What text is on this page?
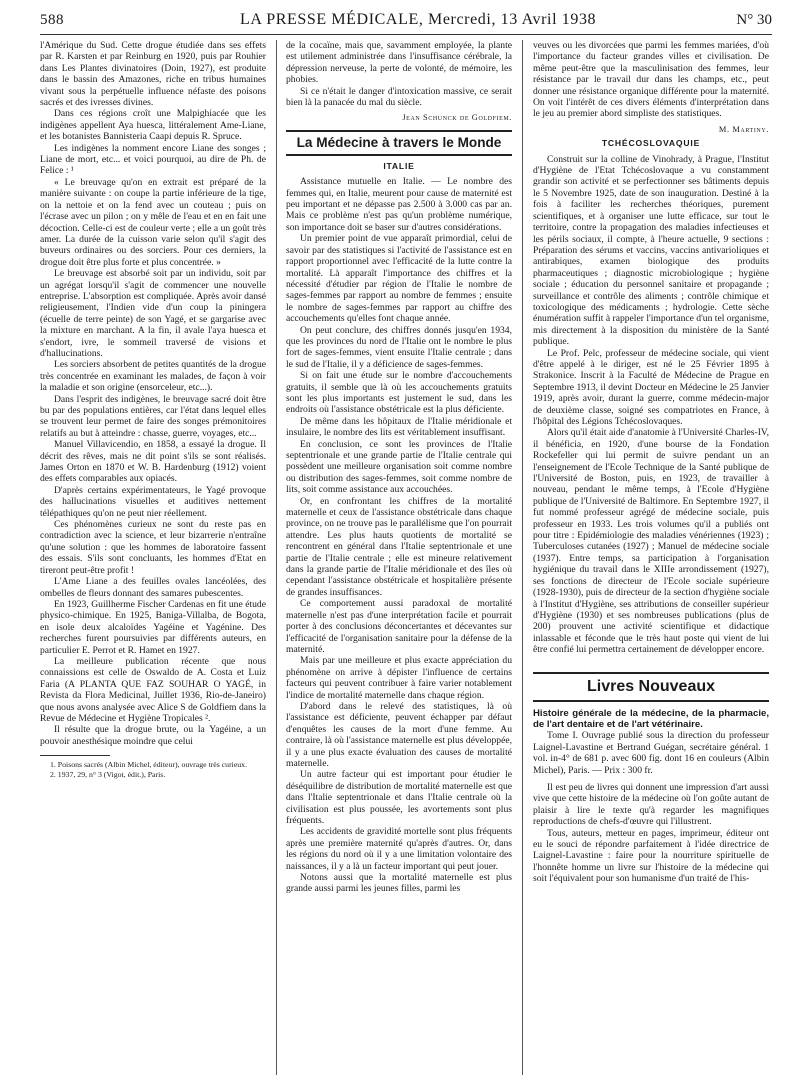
588	LA PRESSE MÉDICALE, Mercredi, 13 Avril 1938	N° 30

l'Amérique du Sud. Cette drogue étudiée dans ses effets par R. Karsten et par Reinburg en 1920, puis par Rouhier dans Les Plantes divinatoires (Doin, 1927), est produite dans le bassin des Amazones, riche en tribus humaines vivant sous la perpétuelle influence néfaste des poisons sacrés et des ivresses divines.

Dans ces régions croît une Malpighiacée que les indigènes appellent Aya huesca, littéralement Ame-Liane, et les botanistes Bannisteria Caapi depuis R. Spruce.

Les indigènes la nomment encore Liane des songes ; Liane de mort, etc... et voici pourquoi, au dire de Ph. de Felice : ¹

« Le breuvage qu'on en extrait est préparé de la manière suivante : on coupe la partie inférieure de la tige, on la nettoie et on la fend avec un couteau ; puis on l'écrase avec un pilon ; on y mêle de l'eau et en en fait une décoction. Celle-ci est de couleur verte ; elle a un goût très amer. La durée de la cuisson varie selon qu'il s'agit des buveurs ordinaires ou des sorciers. Pour ces derniers, la drogue doit être plus forte et plus concentrée. »

Le breuvage est absorbé soit par un individu, soit par un agrégat lorsqu'il s'agit de commencer une nouvelle entreprise. L'absorption est compliquée. Après avoir dansé religieusement, l'Indien vide d'un coup la piningera (écuelle de terre peinte) de son Yagé, et se gargarise avec la mixture en marchant. A la fin, il avale l'aya huesca et s'endort, ivre, le sommeil traversé de visions et d'hallucinations.

Les sorciers absorbent de petites quantités de la drogue très concentrée en examinant les malades, de façon à voir la maladie et son origine (ensorceleur, etc...).

Dans l'esprit des indigènes, le breuvage sacré doit être bu par des populations entières, car l'état dans lequel elles se trouvent leur permet de faire des songes prémonitoires relatifs au but à atteindre : chasse, guerre, voyages, etc...

Manuel Villavicendio, en 1858, a essayé la drogue. Il décrit des rêves, mais ne dit point s'ils se sont réalisés. James Orton en 1870 et W. B. Hardenburg (1912) voient des effets comparables aux opiacés.

D'après certains expérimentateurs, le Yagé provoque des hallucinations visuelles et auditives nettement télépathiques qu'on ne peut nier réellement.

Ces phénomènes curieux ne sont du reste pas en contradiction avec la science, et leur bizarrerie n'entraîne qu'une solution : que les hommes de laboratoire fassent des essais. S'ils sont concluants, les hommes d'Etat en tireront peut-être profit !

L'Ame Liane a des feuilles ovales lancéolées, des ombelles de fleurs donnant des samares pubescentes.

En 1923, Guillherme Fischer Cardenas en fit une étude physico-chimique. En 1925, Baniga-Villalba, de Bogota, en isole deux alcaloïdes Yagéine et Yagénine. Des recherches furent poursuivies par différents auteurs, en particulier E. Perrot et R. Hamet en 1927.

La meilleure publication récente que nous connaissions est celle de Oswaldo de A. Costa et Luiz Faria (A PLANTA QUE FAZ SOUHAR O YAGÉ, in Revista da Flora Medicinal, Juillet 1936, Rio-de-Janeiro) que nous avons analysée avec Alice S de Goldfiem dans la Revue de Médecine et Hygiène Tropicales ².

Il résulte que la drogue brute, ou la Yagéine, a un pouvoir anesthésique moindre que celui

1. Poisons sacrés (Albin Michel, éditeur), ouvrage très curieux.

2. 1937, 29, n° 3 (Vigot, édit.), Paris.

de la cocaïne, mais que, savamment employée, la plante est utilement administrée dans l'insuffisance cérébrale, la dépression nerveuse, la perte de volonté, de mémoire, les phobies.

Si ce n'était le danger d'intoxication massive, ce serait bien là la panacée du mal du siècle.

Jean Schunck de Goldfiem.
La Médecine à travers le Monde
ITALIE

Assistance mutuelle en Italie. — Le nombre des femmes qui, en Italie, meurent pour cause de maternité est peu important et ne dépasse pas 2.500 à 3.000 cas par an. Mais ce problème n'est pas qu'un problème numérique, son importance doit se baser sur d'autres considérations.

Un premier point de vue apparaît primordial, celui de savoir par des statistiques si l'activité de l'assistance est en rapport proportionnel avec l'efficacité de la lutte contre la mortalité. Là apparaît l'importance des chiffres et la nécessité d'étudier par région de l'Italie le nombre de sages-femmes par rapport au nombre de femmes ; ensuite le nombre de sages-femmes par rapport au chiffre des accouchements qu'elles font chaque année.

On peut conclure, des chiffres donnés jusqu'en 1934, que les provinces du nord de l'Italie ont le nombre le plus fort de sages-femmes, vient ensuite l'Italie centrale ; dans le sud de l'Italie, il y a déficience de sages-femmes.

Si on fait une étude sur le nombre d'accouchements gratuits, il semble que là où les accouchements gratuits sont les plus importants est justement le sud, dans les endroits où l'assistance obstétricale est la plus déficiente.

De même dans les hôpitaux de l'Italie méridionale et insulaire, le nombre des lits est véritablement insuffisant.

En conclusion, ce sont les provinces de l'Italie septentrionale et une grande partie de l'Italie centrale qui possèdent une meilleure organisation soit comme nombre ou distribution des sages-femmes, soit comme nombre de lits, soit comme assistance aux accouchées.

Or, en confrontant les chiffres de la mortalité maternelle et ceux de l'assistance obstétricale dans chaque province, on ne trouve pas le parallélisme que l'on pourrait attendre. Les plus hauts quotients de mortalité se rencontrent en général dans l'Italie septentrionale et une partie de l'Italie centrale ; elle est mineure relativement dans la grande partie de l'Italie méridionale et des îles où cependant l'assistance obstétricale et hospitalière présente de grandes insuffisances.

Ce comportement aussi paradoxal de mortalité maternelle n'est pas d'une interprétation facile et pourrait porter à des conclusions déconcertantes et décevantes sur l'efficacité de l'organisation sanitaire pour la défense de la maternité.

Mais par une meilleure et plus exacte appréciation du phénomène on arrive à dépister l'influence de certains facteurs qui peuvent contribuer à faire varier notablement l'indice de mortalité maternelle dans chaque région.

D'abord dans le relevé des statistiques, là où l'assistance est déficiente, peuvent échapper par défaut d'enquêtes les causes de la mort d'une femme. Au contraire, là où l'assistance maternelle est plus développée, il y a une plus exacte évaluation des causes de mortalité maternelle.

Un autre facteur qui est important pour étudier le déséquilibre de distribution de mortalité maternelle est que dans l'Italie septentrionale et dans l'Italie centrale où la civilisation est plus poussée, les avortements sont plus fréquents.

Les accidents de gravidité mortelle sont plus fréquents après une première maternité qu'après d'autres. Or, dans les régions du nord où il y a une limitation volontaire des naissances, il y a là un facteur important qui peut jouer.

Notons aussi que la mortalité maternelle est plus grande aussi parmi les jeunes filles, parmi les

veuves ou les divorcées que parmi les femmes mariées, d'où l'importance du facteur grandes villes et civilisation. De même peut-être que la masculinisation des femmes, leur résistance par le travail dur dans les champs, etc., peut donner une résistance organique différente pour la maternité. On voit l'intérêt de ces divers éléments d'interprétation dans le jeu au premier abord simpliste des statistiques.

M. Martiny.
TCHÉCOSLOVAQUIE

Construit sur la colline de Vinohrady, à Prague, l'Institut d'Hygiène de l'Etat Tchécoslovaque a vu constamment grandir son activité et se perfectionner ses bâtiments depuis le 5 Novembre 1925, date de son inauguration. Destiné à la fois à faciliter les recherches théoriques, purement scientifiques, et à organiser une lutte efficace, sur tout le territoire, contre la propagation des maladies infectieuses et les périls sociaux, il compte, à l'heure actuelle, 9 sections : Préparation des sérums et vaccins, vaccins antivarioliques et antirabiques, examen biologique des produits pharmaceutiques ; diagnostic microbiologique ; hygiène sociale ; éducation du personnel sanitaire et propagande ; surveillance et contrôle des aliments ; contrôle chimique et toxicologique des médicaments ; hydrologie. Cette sèche énumération suffit à rappeler l'importance d'un tel organisme, mis directement à la disposition du ministère de la Santé publique.

Le Prof. Pelc, professeur de médecine sociale, qui vient d'être appelé à le diriger, est né le 25 Février 1895 à Strakonice. Inscrit à la Faculté de Médecine de Prague en Septembre 1913, il devint Docteur en Médecine le 25 Janvier 1919, après avoir, durant la guerre, comme médecin-major de deuxième classe, soigné ses compatriotes en France, à l'hôpital des Légions Tchécoslovaques.

Alors qu'il était aide d'anatomie à l'Université Charles-IV, il bénéficia, en 1920, d'une bourse de la Fondation Rockefeller qui lui permit de suivre pendant un an l'enseignement de l'Ecole Technique de la Santé publique de l'Université de Boston, puis, en 1923, de travailler à nouveau, pendant le même temps, à l'Ecole d'Hygiène publique de l'Université de Baltimore. En Septembre 1927, il fut nommé professeur agrégé de médecine sociale, puis professeur en 1933. Les trois volumes qu'il a publiés ont pour titre : Epidémiologie des maladies vénériennes (1923) ; Tuberculoses cutanées (1927) ; Manuel de médecine sociale (1937). Entre temps, sa participation à l'organisation hygiénique du travail dans le XIIIe arrondissement (1927), ses fonctions de directeur de l'Ecole sociale supérieure (1928-1930), puis de directeur de la section d'hygiène sociale à l'Institut d'Hygiène, ses attributions de conseiller supérieur d'Hygiène (1930) et ses nombreuses publications (plus de 200) prouvent une activité scientifique et didactique inlassable et féconde que le très haut poste qui vient de lui être confié lui permettra certainement de développer encore.

Livres Nouveaux

Histoire générale de la médecine, de la pharmacie, de l'art dentaire et de l'art vétérinaire.

Tome I. Ouvrage publié sous la direction du professeur Laignel-Lavastine et Bertrand Guégan, secrétaire général. 1 vol. in-4° de 681 p. avec 600 fig. dont 16 en couleurs (Albin Michel), Paris. — Prix : 300 fr.

Il est peu de livres qui donnent une impression d'art aussi vive que cette histoire de la médecine où l'on goûte autant de plaisir à lire le texte qu'à regarder les magnifiques reproductions de chefs-d'œuvre qui l'illustrent.

Tous, auteurs, metteur en pages, imprimeur, éditeur ont eu le souci de répondre parfaitement à l'idée directrice de Laignel-Lavastine : faire pour la nourriture spirituelle de l'honnête homme un livre sur l'histoire de la médecine qui soit l'équivalent pour son humanisme d'un traité de l'his-
